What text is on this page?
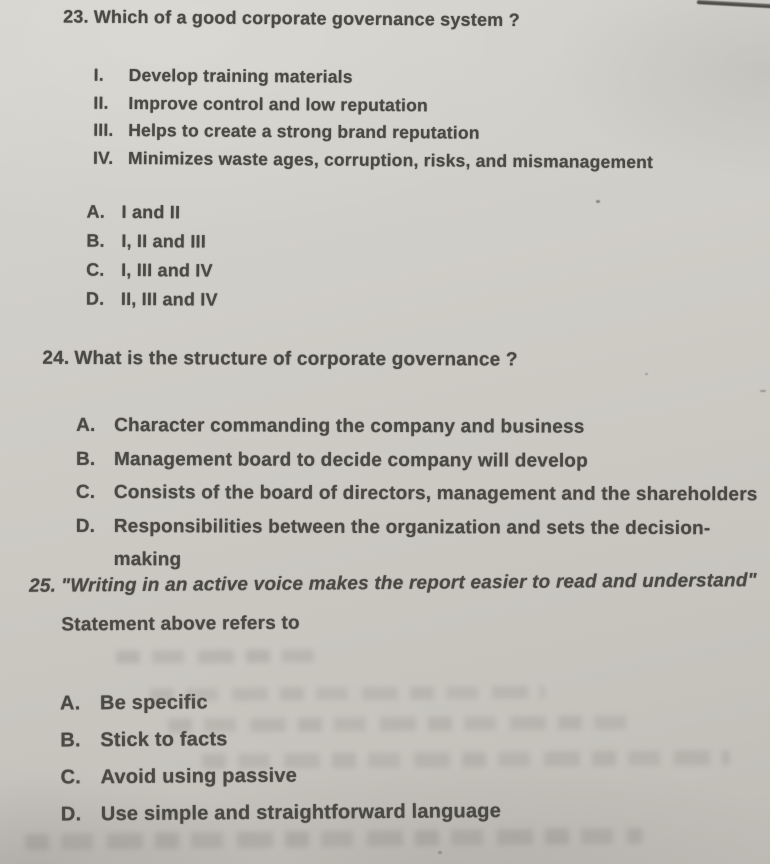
23. Which of a good corporate governance system ?
I.	Develop training materials
II.	Improve control and low reputation
III. Helps to create a strong brand reputation
IV. Minimizes waste ages, corruption, risks, and mismanagement
A. I and II
B. I, II and III
C. I, III and IV
D. II, III and IV
24. What is the structure of corporate governance ?
A. Character commanding the company and business
B. Management board to decide company will develop
C. Consists of the board of directors, management and the shareholders
D. Responsibilities between the organization and sets the decision-making
25. "Writing in an active voice makes the report easier to read and understand"
Statement above refers to
A. Be specific
B. Stick to facts
C. Avoid using passive
D. Use simple and straightforward language
